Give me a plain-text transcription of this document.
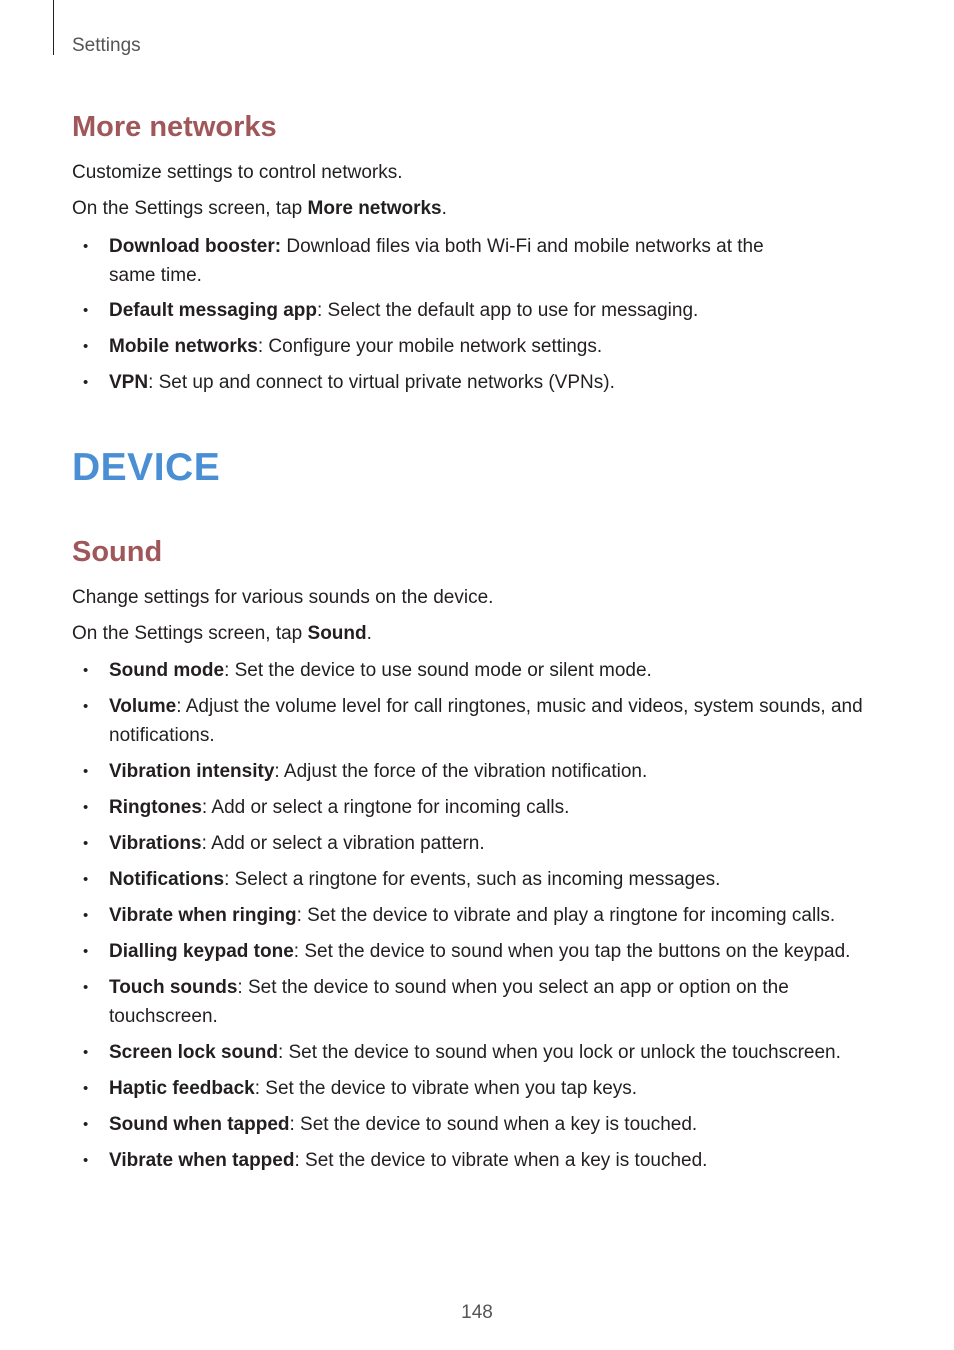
Settings
More networks

Customize settings to control networks.

On the Settings screen, tap More networks.

• Download booster: Download files via both Wi-Fi and mobile networks at the same time.
• Default messaging app: Select the default app to use for messaging.
• Mobile networks: Configure your mobile network settings.
• VPN: Set up and connect to virtual private networks (VPNs).
DEVICE
Sound

Change settings for various sounds on the device.

On the Settings screen, tap Sound.

• Sound mode: Set the device to use sound mode or silent mode.
• Volume: Adjust the volume level for call ringtones, music and videos, system sounds, and notifications.
• Vibration intensity: Adjust the force of the vibration notification.
• Ringtones: Add or select a ringtone for incoming calls.
• Vibrations: Add or select a vibration pattern.
• Notifications: Select a ringtone for events, such as incoming messages.
• Vibrate when ringing: Set the device to vibrate and play a ringtone for incoming calls.
• Dialling keypad tone: Set the device to sound when you tap the buttons on the keypad.
• Touch sounds: Set the device to sound when you select an app or option on the touchscreen.
• Screen lock sound: Set the device to sound when you lock or unlock the touchscreen.
• Haptic feedback: Set the device to vibrate when you tap keys.
• Sound when tapped: Set the device to sound when a key is touched.
• Vibrate when tapped: Set the device to vibrate when a key is touched.
148
